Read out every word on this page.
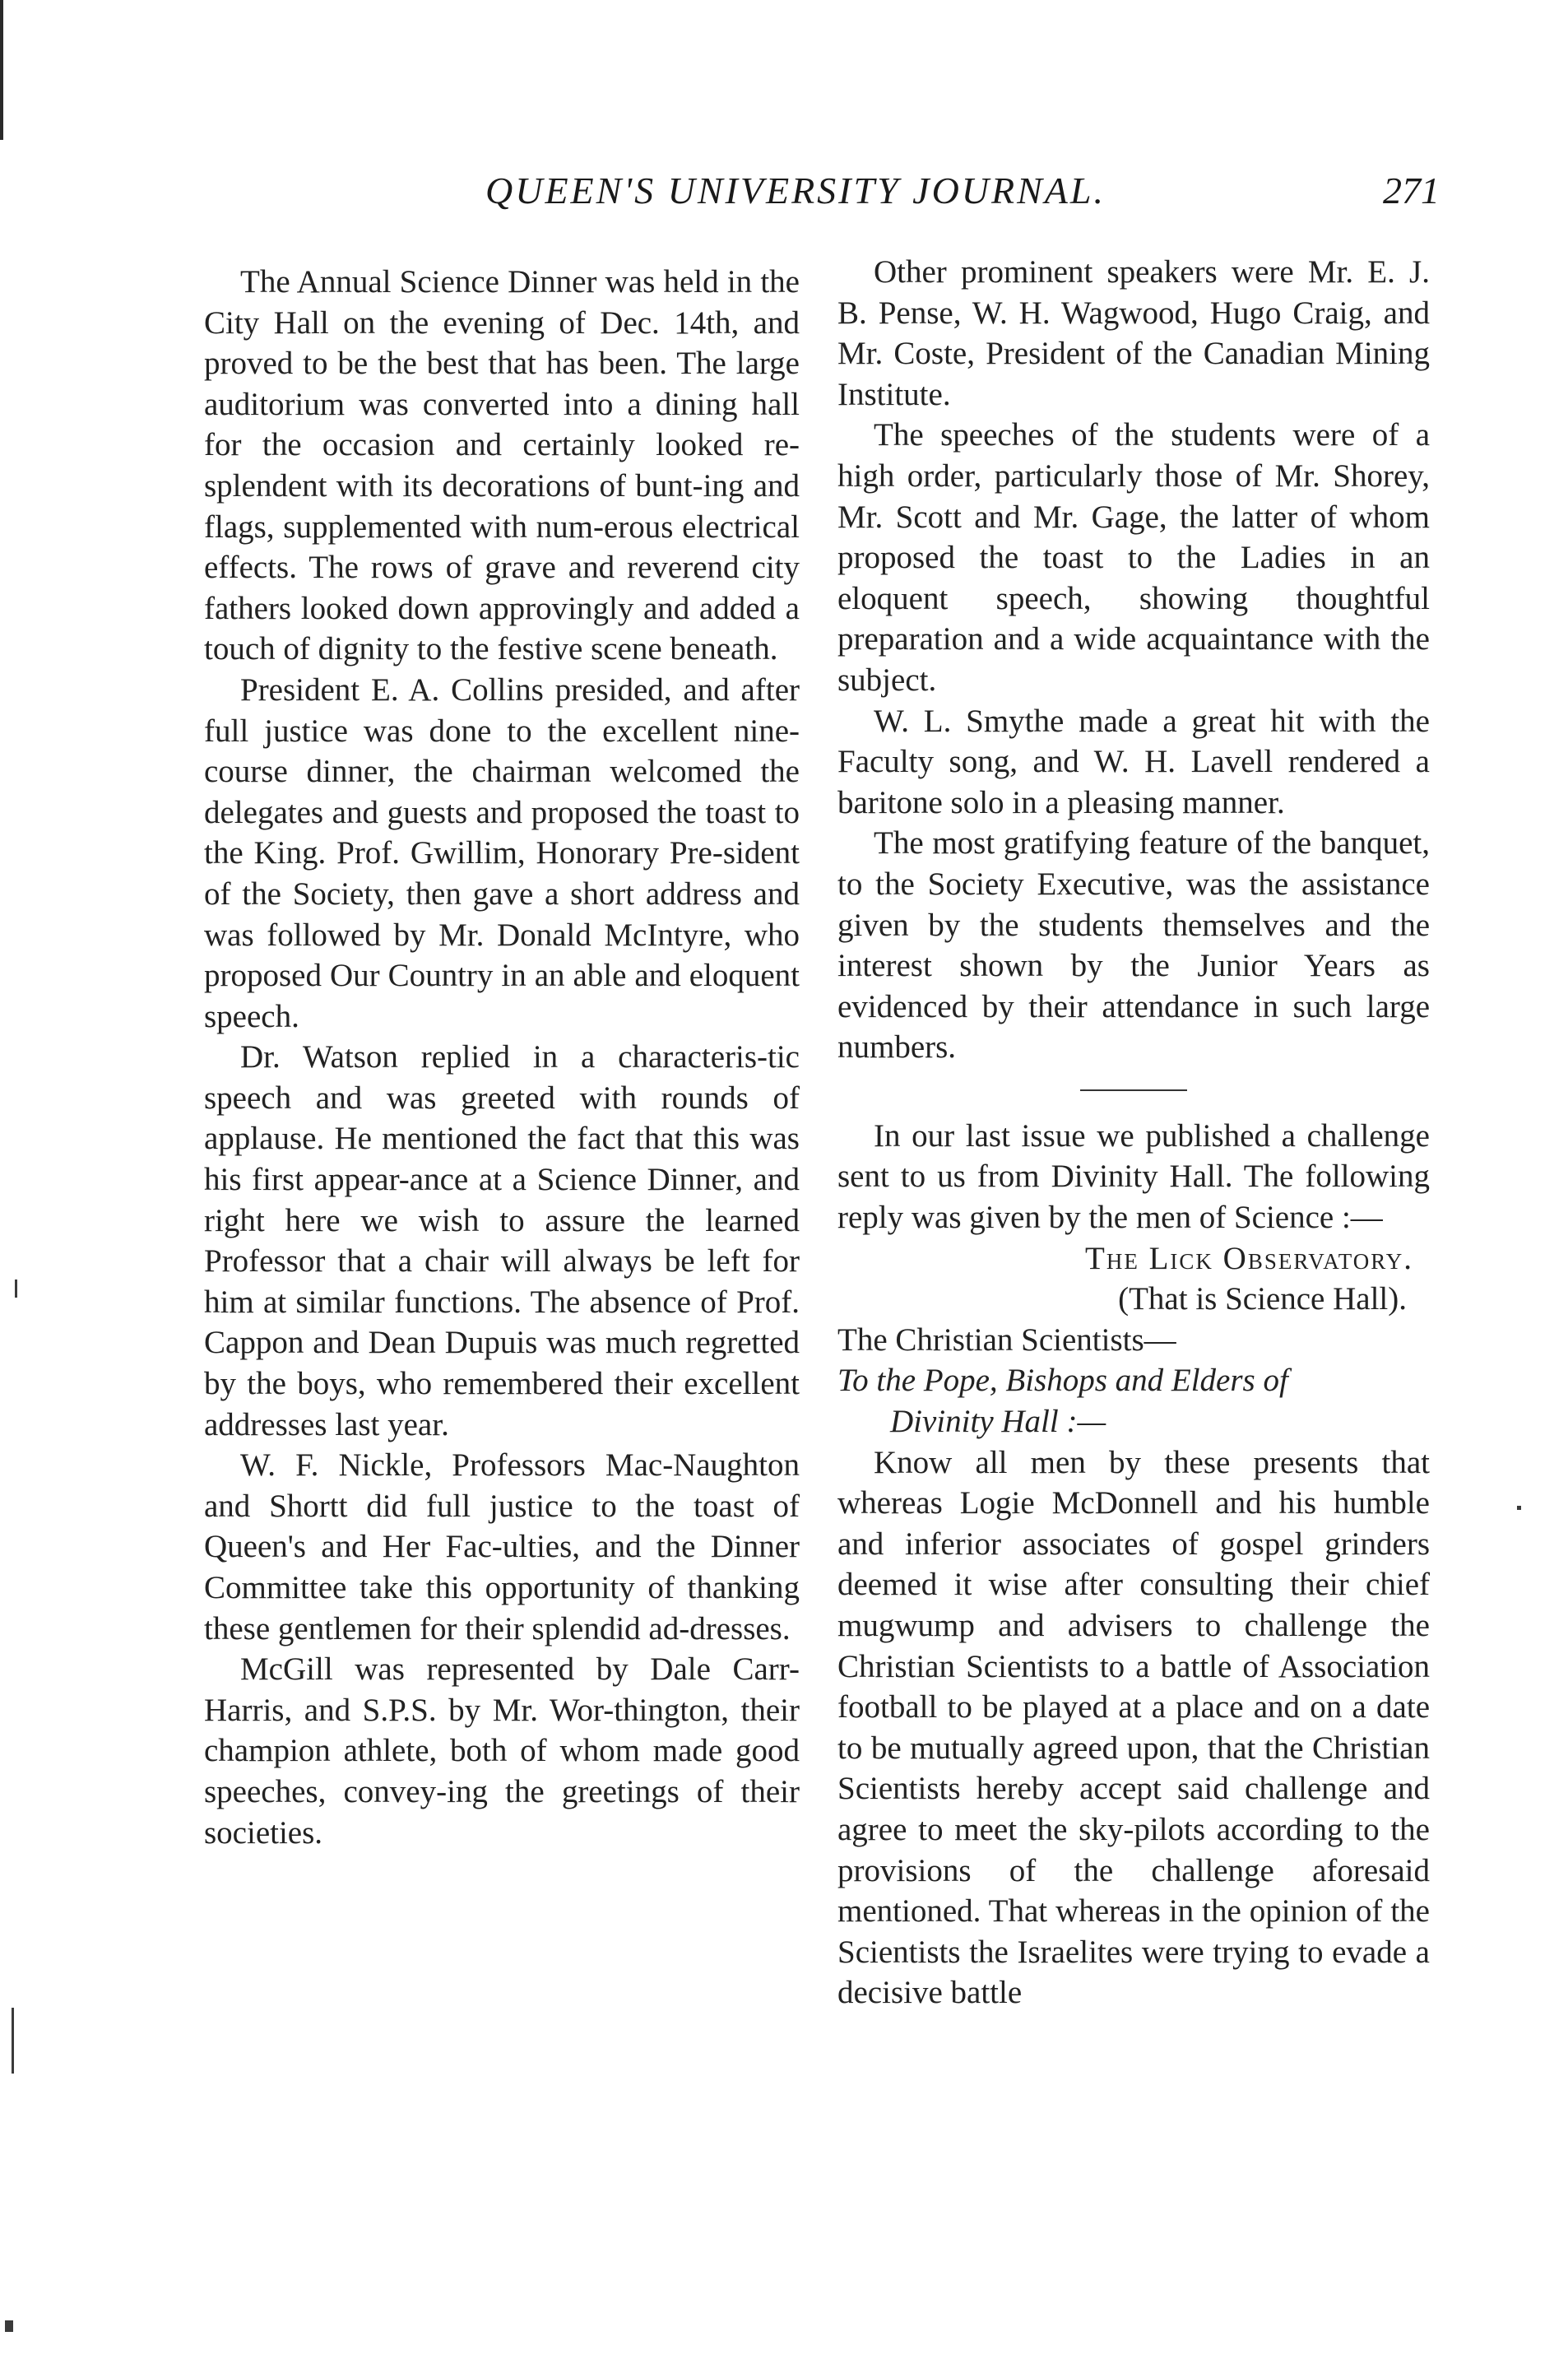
QUEEN'S UNIVERSITY JOURNAL.	271

The Annual Science Dinner was held in the City Hall on the evening of Dec. 14th, and proved to be the best that has been. The large auditorium was converted into a dining hall for the occasion and certainly looked re-splendent with its decorations of bunt-ing and flags, supplemented with num-erous electrical effects. The rows of grave and reverend city fathers looked down approvingly and added a touch of dignity to the festive scene beneath.

President E. A. Collins presided, and after full justice was done to the excellent nine-course dinner, the chairman welcomed the delegates and guests and proposed the toast to the King. Prof. Gwillim, Honorary Pre-sident of the Society, then gave a short address and was followed by Mr. Donald McIntyre, who proposed Our Country in an able and eloquent speech.

Dr. Watson replied in a characteris-tic speech and was greeted with rounds of applause. He mentioned the fact that this was his first appear-ance at a Science Dinner, and right here we wish to assure the learned Professor that a chair will always be left for him at similar functions. The absence of Prof. Cappon and Dean Dupuis was much regretted by the boys, who remembered their excellent addresses last year.

W. F. Nickle, Professors Mac-Naughton and Shortt did full justice to the toast of Queen's and Her Fac-ulties, and the Dinner Committee take this opportunity of thanking these gentlemen for their splendid ad-dresses.

McGill was represented by Dale Carr-Harris, and S.P.S. by Mr. Wor-thington, their champion athlete, both of whom made good speeches, convey-ing the greetings of their societies.

Other prominent speakers were Mr. E. J. B. Pense, W. H. Wagwood, Hugo Craig, and Mr. Coste, President of the Canadian Mining Institute.

The speeches of the students were of a high order, particularly those of Mr. Shorey, Mr. Scott and Mr. Gage, the latter of whom proposed the toast to the Ladies in an eloquent speech, showing thoughtful preparation and a wide acquaintance with the subject.

W. L. Smythe made a great hit with the Faculty song, and W. H. Lavell rendered a baritone solo in a pleasing manner.

The most gratifying feature of the banquet, to the Society Executive, was the assistance given by the students themselves and the interest shown by the Junior Years as evidenced by their attendance in such large numbers.

In our last issue we published a challenge sent to us from Divinity Hall. The following reply was given by the men of Science :—

The Lick Observatory.
(That is Science Hall).
The Christian Scientists—
To the Pope, Bishops and Elders of
Divinity Hall :—

Know all men by these presents that whereas Logie McDonnell and his humble and inferior associates of gospel grinders deemed it wise after consulting their chief mugwump and advisers to challenge the Christian Scientists to a battle of Association football to be played at a place and on a date to be mutually agreed upon, that the Christian Scientists hereby accept said challenge and agree to meet the sky-pilots according to the provisions of the challenge aforesaid mentioned. That whereas in the opinion of the Scientists the Israelites were trying to evade a decisive battle
